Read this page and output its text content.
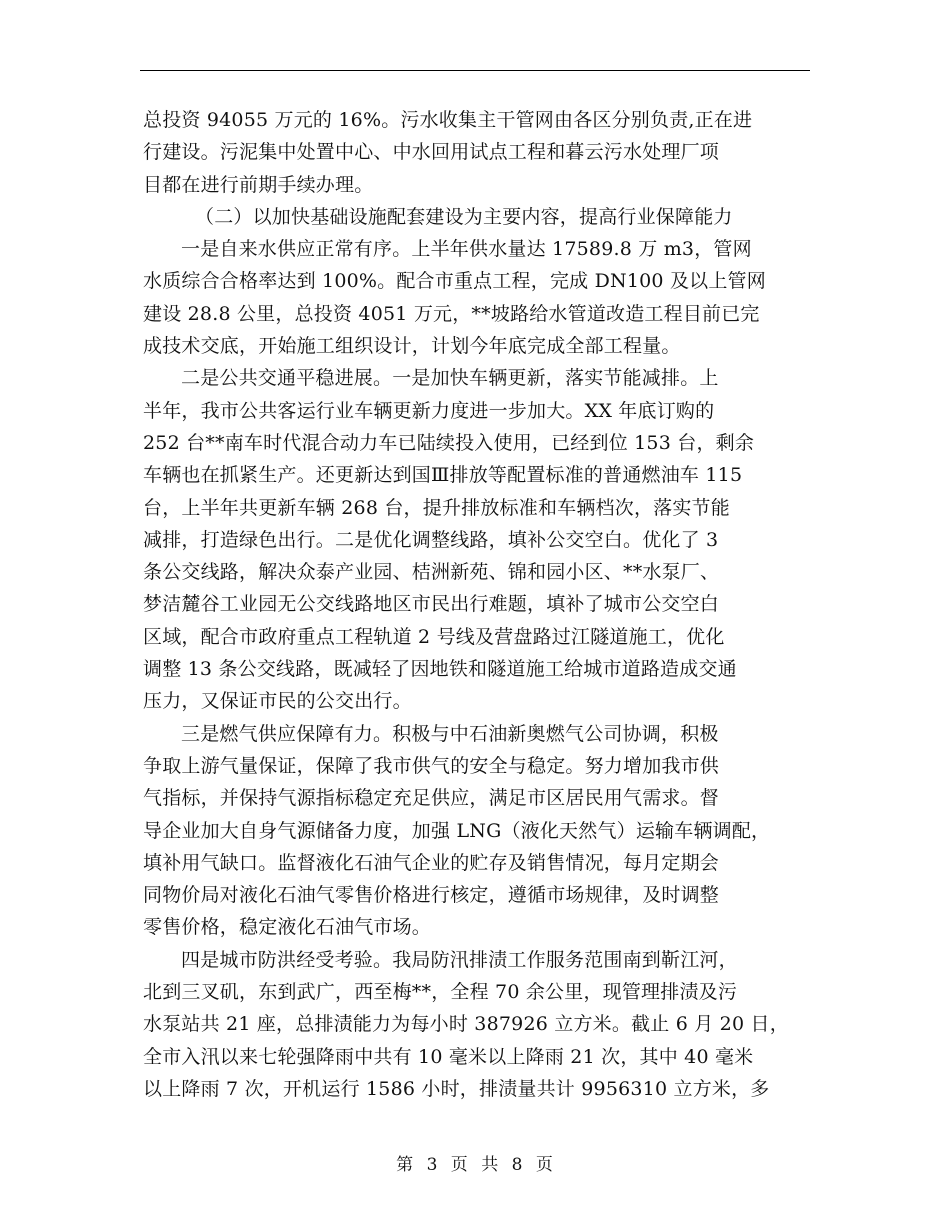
总投资 94055 万元的 16%。污水收集主干管网由各区分别负责,正在进
行建设。污泥集中处置中心、中水回用试点工程和暮云污水处理厂项
目都在进行前期手续办理。
（二）以加快基础设施配套建设为主要内容，提高行业保障能力
一是自来水供应正常有序。上半年供水量达 17589.8 万 m3，管网
水质综合合格率达到 100%。配合市重点工程，完成 DN100 及以上管网
建设 28.8 公里，总投资 4051 万元，**坡路给水管道改造工程目前已完
成技术交底，开始施工组织设计，计划今年底完成全部工程量。
二是公共交通平稳进展。一是加快车辆更新，落实节能减排。上
半年，我市公共客运行业车辆更新力度进一步加大。XX 年底订购的
252 台**南车时代混合动力车已陆续投入使用，已经到位 153 台，剩余
车辆也在抓紧生产。还更新达到国Ⅲ排放等配置标准的普通燃油车 115
台，上半年共更新车辆 268 台，提升排放标准和车辆档次，落实节能
减排，打造绿色出行。二是优化调整线路，填补公交空白。优化了 3
条公交线路，解决众泰产业园、桔洲新苑、锦和园小区、**水泵厂、
梦洁麓谷工业园无公交线路地区市民出行难题，填补了城市公交空白
区域，配合市政府重点工程轨道 2 号线及营盘路过江隧道施工，优化
调整 13 条公交线路，既减轻了因地铁和隧道施工给城市道路造成交通
压力，又保证市民的公交出行。
三是燃气供应保障有力。积极与中石油新奥燃气公司协调，积极
争取上游气量保证，保障了我市供气的安全与稳定。努力增加我市供
气指标，并保持气源指标稳定充足供应，满足市区居民用气需求。督
导企业加大自身气源储备力度，加强 LNG（液化天然气）运输车辆调配，
填补用气缺口。监督液化石油气企业的贮存及销售情况，每月定期会
同物价局对液化石油气零售价格进行核定，遵循市场规律，及时调整
零售价格，稳定液化石油气市场。
四是城市防洪经受考验。我局防汛排渍工作服务范围南到靳江河，
北到三叉矶，东到武广，西至梅**，全程 70 余公里，现管理排渍及污
水泵站共 21 座，总排渍能力为每小时 387926 立方米。截止 6 月 20 日，
全市入汛以来七轮强降雨中共有 10 毫米以上降雨 21 次，其中 40 毫米
以上降雨 7 次，开机运行 1586 小时，排渍量共计 9956310 立方米，多
第 3 页 共 8 页
